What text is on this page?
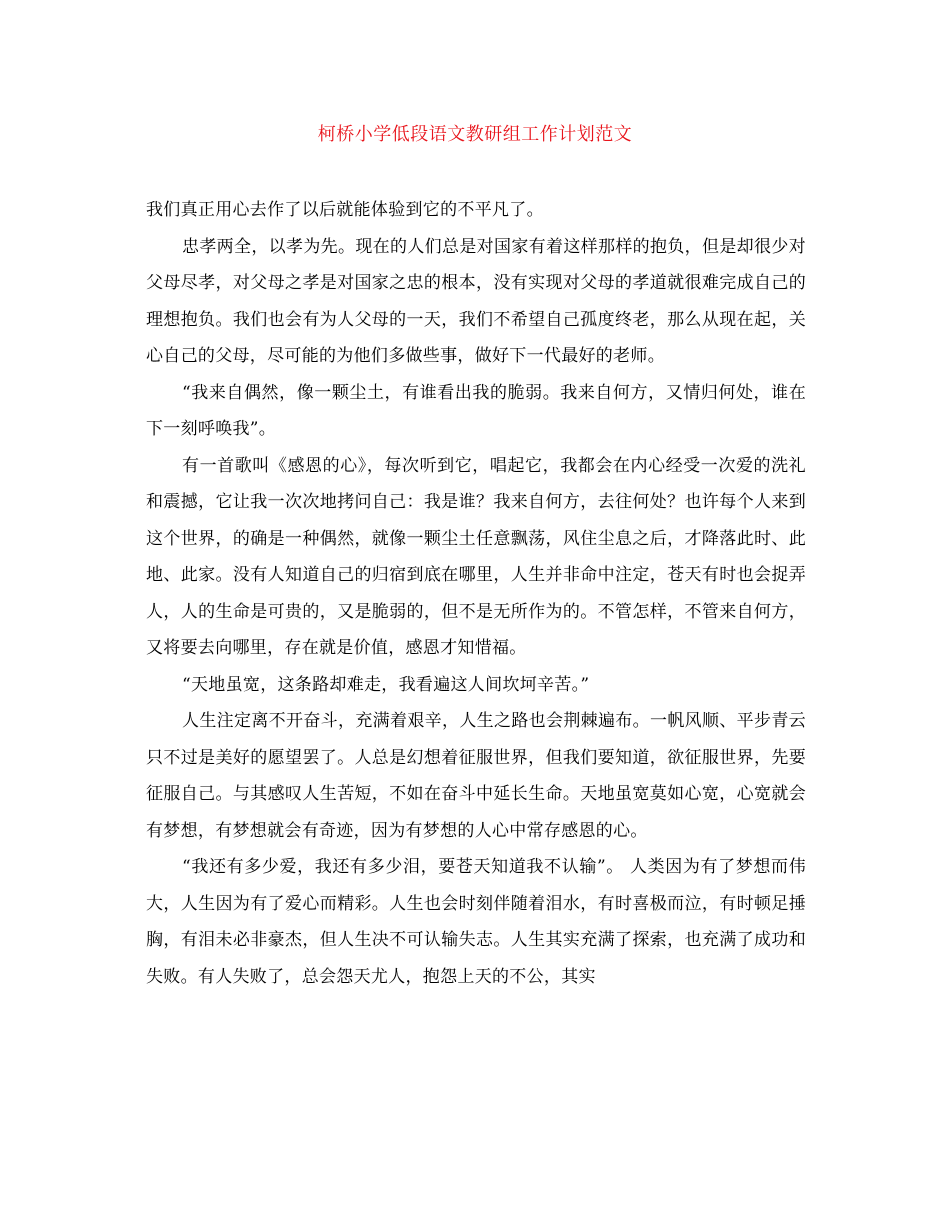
柯桥小学低段语文教研组工作计划范文

我们真正用心去作了以后就能体验到它的不平凡了。

忠孝两全，以孝为先。现在的人们总是对国家有着这样那样的抱负，但是却很少对父母尽孝，对父母之孝是对国家之忠的根本，没有实现对父母的孝道就很难完成自己的理想抱负。我们也会有为人父母的一天，我们不希望自己孤度终老，那么从现在起，关心自己的父母，尽可能的为他们多做些事，做好下一代最好的老师。

“我来自偶然，像一颗尘土，有谁看出我的脆弱。我来自何方，又情归何处，谁在下一刻呼唤我”。

有一首歌叫《感恩的心》，每次听到它，唱起它，我都会在内心经受一次爱的洗礼和震撼，它让我一次次地拷问自己：我是谁？我来自何方，去往何处？也许每个人来到这个世界，的确是一种偶然，就像一颗尘土任意飘荡，风住尘息之后，才降落此时、此地、此家。没有人知道自己的归宿到底在哪里，人生并非命中注定，苍天有时也会捉弄人，人的生命是可贵的，又是脆弱的，但不是无所作为的。不管怎样，不管来自何方，又将要去向哪里，存在就是价值，感恩才知惜福。

“天地虽宽，这条路却难走，我看遍这人间坎坷辛苦。”

人生注定离不开奋斗，充满着艰辛，人生之路也会荆棘遍布。一帆风顺、平步青云只不过是美好的愿望罢了。人总是幻想着征服世界，但我们要知道，欲征服世界，先要征服自己。与其感叹人生苦短，不如在奋斗中延长生命。天地虽宽莫如心宽，心宽就会有梦想，有梦想就会有奇迹，因为有梦想的人心中常存感恩的心。

“我还有多少爱，我还有多少泪，要苍天知道我不认输”。 人类因为有了梦想而伟大，人生因为有了爱心而精彩。人生也会时刻伴随着泪水，有时喜极而泣，有时顿足捶胸，有泪未必非豪杰，但人生决不可认输失志。人生其实充满了探索，也充满了成功和失败。有人失败了，总会怨天尤人，抱怨上天的不公，其实
